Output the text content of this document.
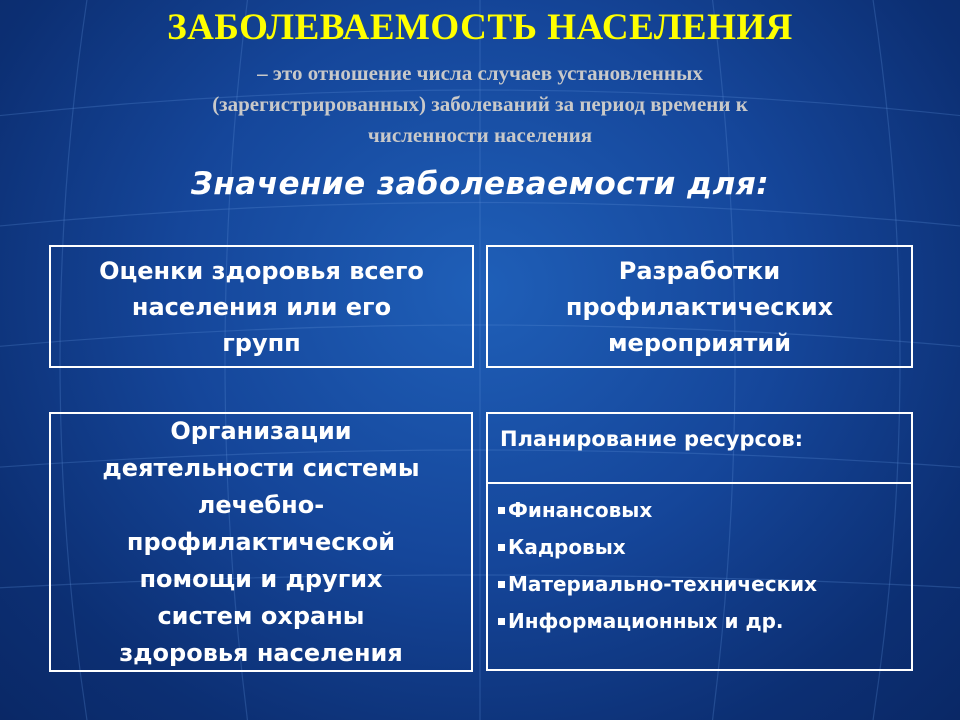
ЗАБОЛЕВАЕМОСТЬ НАСЕЛЕНИЯ
– это отношение числа случаев установленных
(зарегистрированных) заболеваний за период времени к
численности населения
Значение заболеваемости для:
Оценки здоровья всего
населения или его
групп
Разработки
профилактических
мероприятий
Организации
деятельности системы
лечебно-
профилактической
помощи и других
систем охраны
здоровья населения
Планирование ресурсов:
Финансовых
Кадровых
Материально-технических
Информационных и др.
